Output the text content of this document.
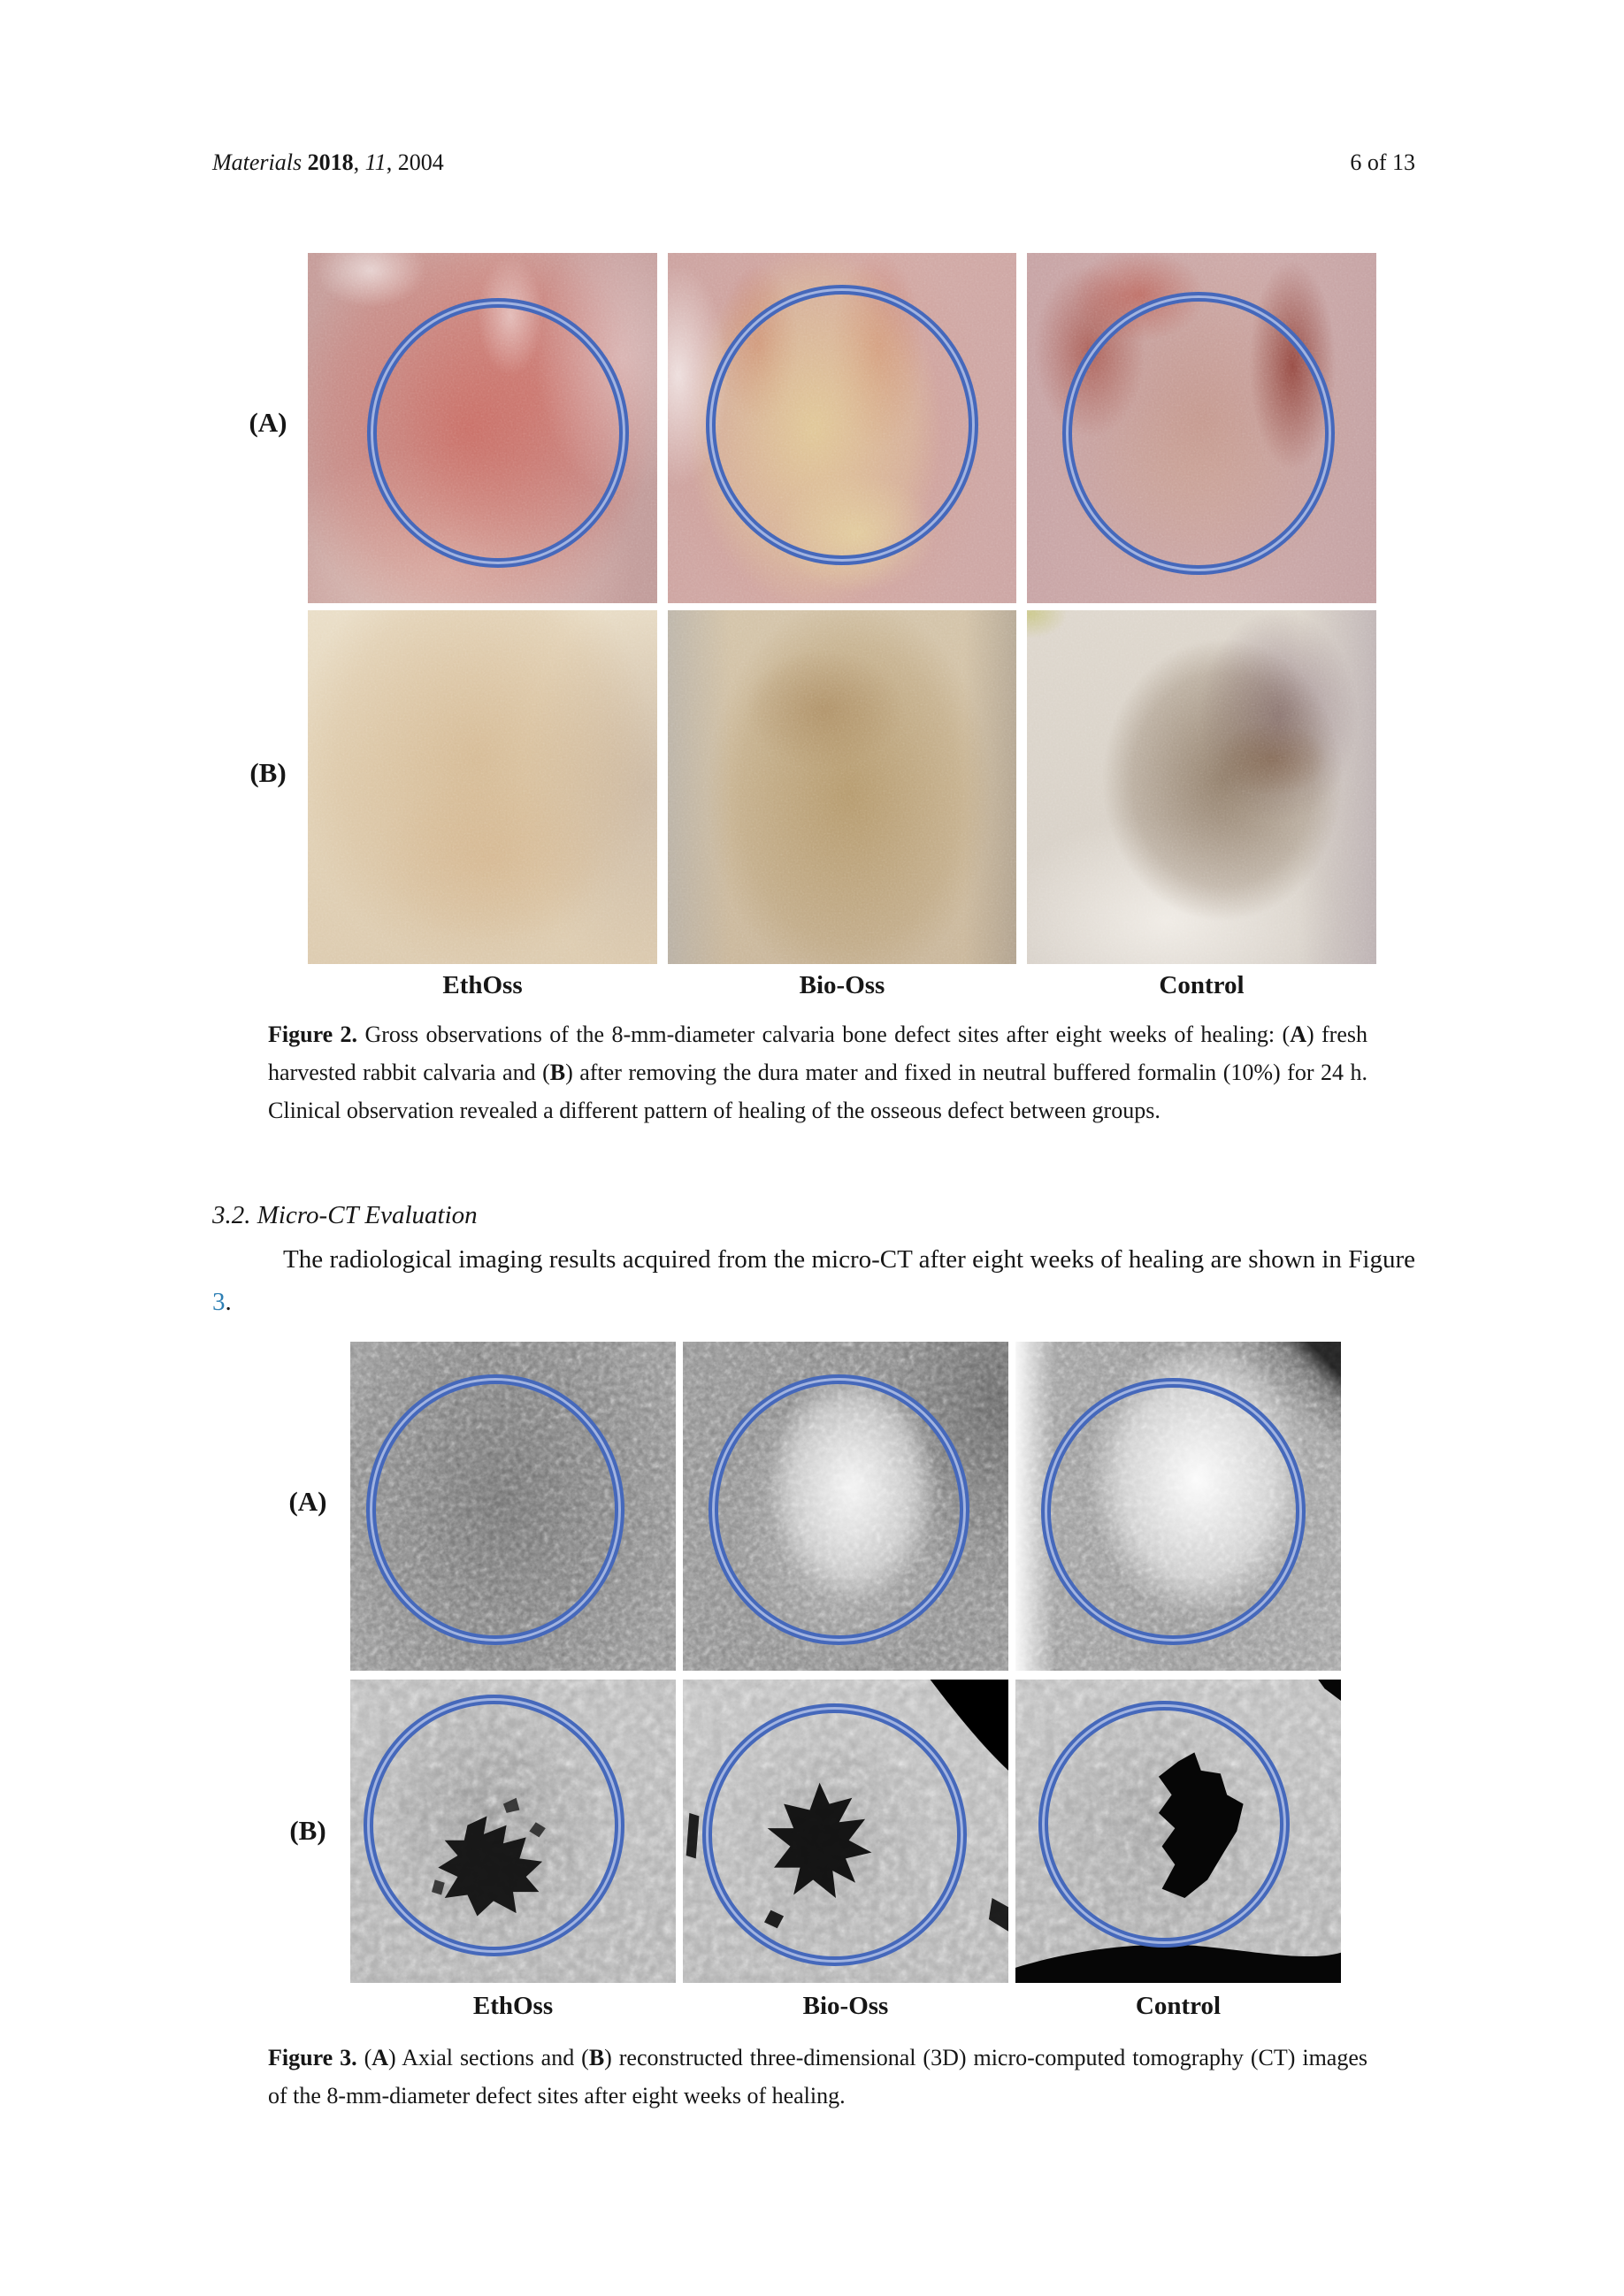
Materials 2018, 11, 2004	6 of 13
(A)
(B)
EthOss	Bio-Oss	Control
Figure 2. Gross observations of the 8-mm-diameter calvaria bone defect sites after eight weeks of healing: (A) fresh harvested rabbit calvaria and (B) after removing the dura mater and fixed in neutral buffered formalin (10%) for 24 h. Clinical observation revealed a different pattern of healing of the osseous defect between groups.
3.2. Micro-CT Evaluation

The radiological imaging results acquired from the micro-CT after eight weeks of healing are shown in Figure 3.

(A)
(B)
EthOss	Bio-Oss	Control
Figure 3. (A) Axial sections and (B) reconstructed three-dimensional (3D) micro-computed tomography (CT) images of the 8-mm-diameter defect sites after eight weeks of healing.
